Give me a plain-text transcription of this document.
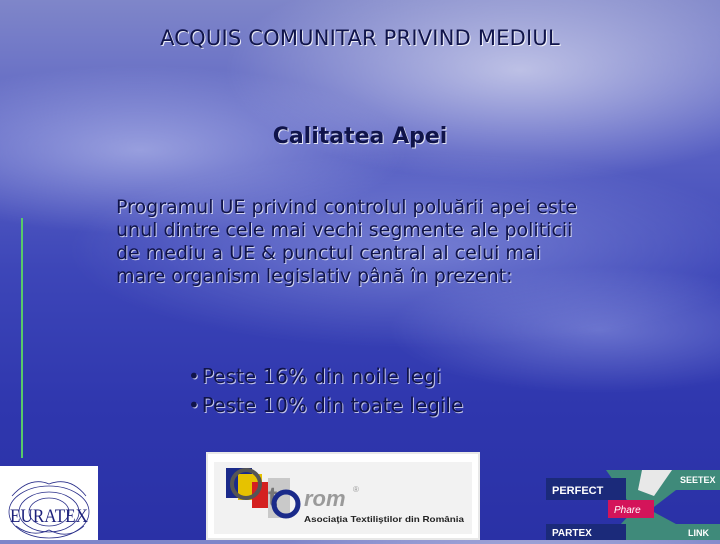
ACQUIS COMUNITAR PRIVIND MEDIUL
Calitatea Apei
Programul UE privind controlul poluării apei este unul dintre cele mai vechi segmente ale politicii de mediu a UE & punctul central al celui mai mare organism legislativ până în prezent:
• Peste 16% din noile legi
• Peste 10% din toate legile
EURATEX
t rom ®
Asociaţia Textiliştilor din România
PERFECT
PARTEX
Phare
SEETEX
LINK
